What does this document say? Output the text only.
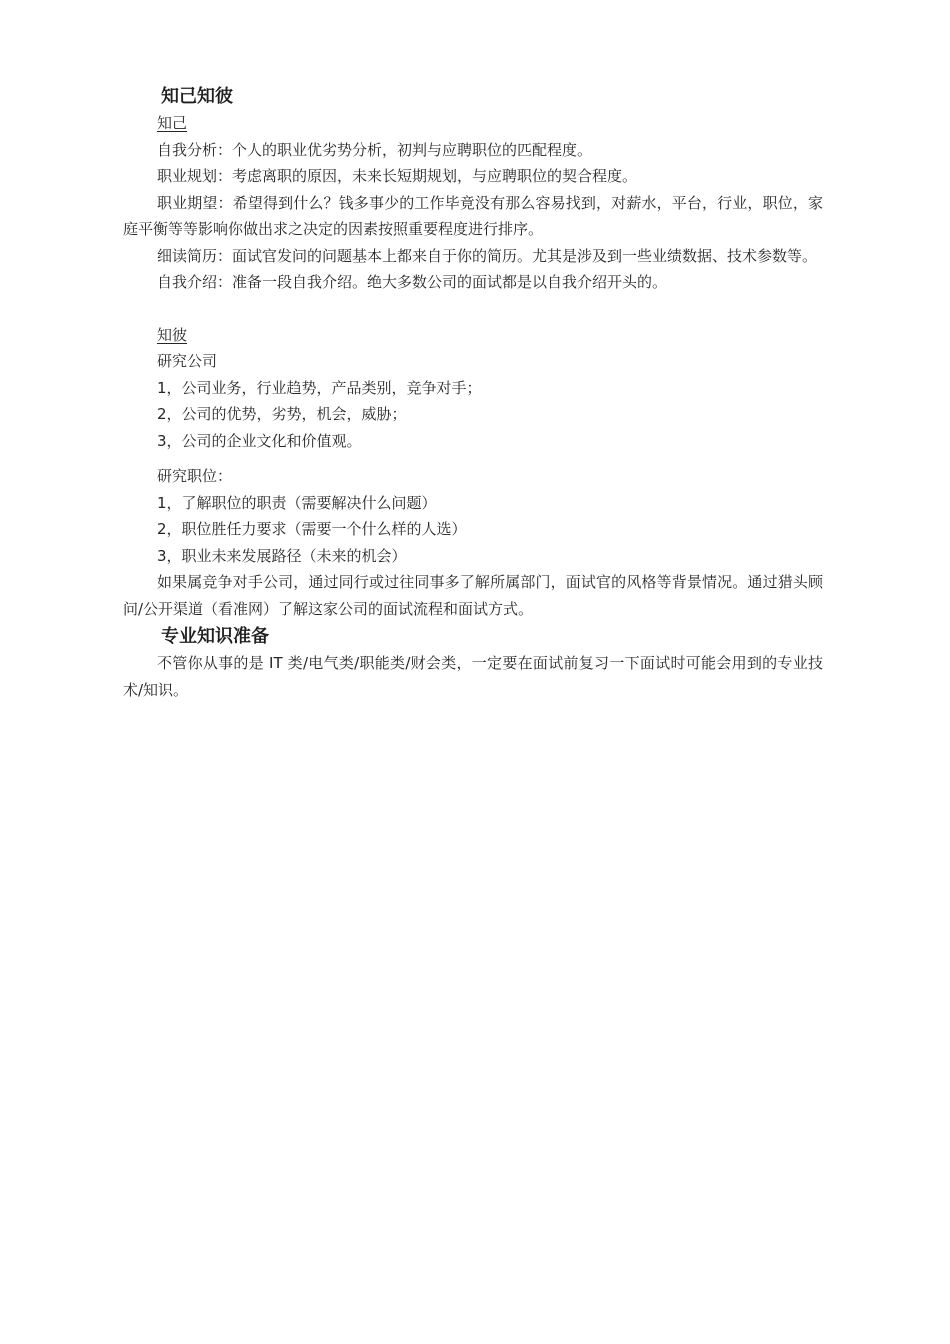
知己知彼
知己

自我分析：个人的职业优劣势分析，初判与应聘职位的匹配程度。

职业规划：考虑离职的原因，未来长短期规划，与应聘职位的契合程度。

职业期望：希望得到什么？钱多事少的工作毕竟没有那么容易找到，对薪水，平台，行业，职位，家庭平衡等等影响你做出求之决定的因素按照重要程度进行排序。

细读简历：面试官发问的问题基本上都来自于你的简历。尤其是涉及到一些业绩数据、技术参数等。

自我介绍：准备一段自我介绍。绝大多数公司的面试都是以自我介绍开头的。

知彼

研究公司

1，公司业务，行业趋势，产品类别，竞争对手；

2，公司的优势，劣势，机会，威胁；

3，公司的企业文化和价值观。

研究职位：

1，了解职位的职责（需要解决什么问题）

2，职位胜任力要求（需要一个什么样的人选）

3，职业未来发展路径（未来的机会）

如果属竞争对手公司，通过同行或过往同事多了解所属部门，面试官的风格等背景情况。通过猎头顾问/公开渠道（看准网）了解这家公司的面试流程和面试方式。

专业知识准备

不管你从事的是 IT 类/电气类/职能类/财会类，一定要在面试前复习一下面试时可能会用到的专业技术/知识。
